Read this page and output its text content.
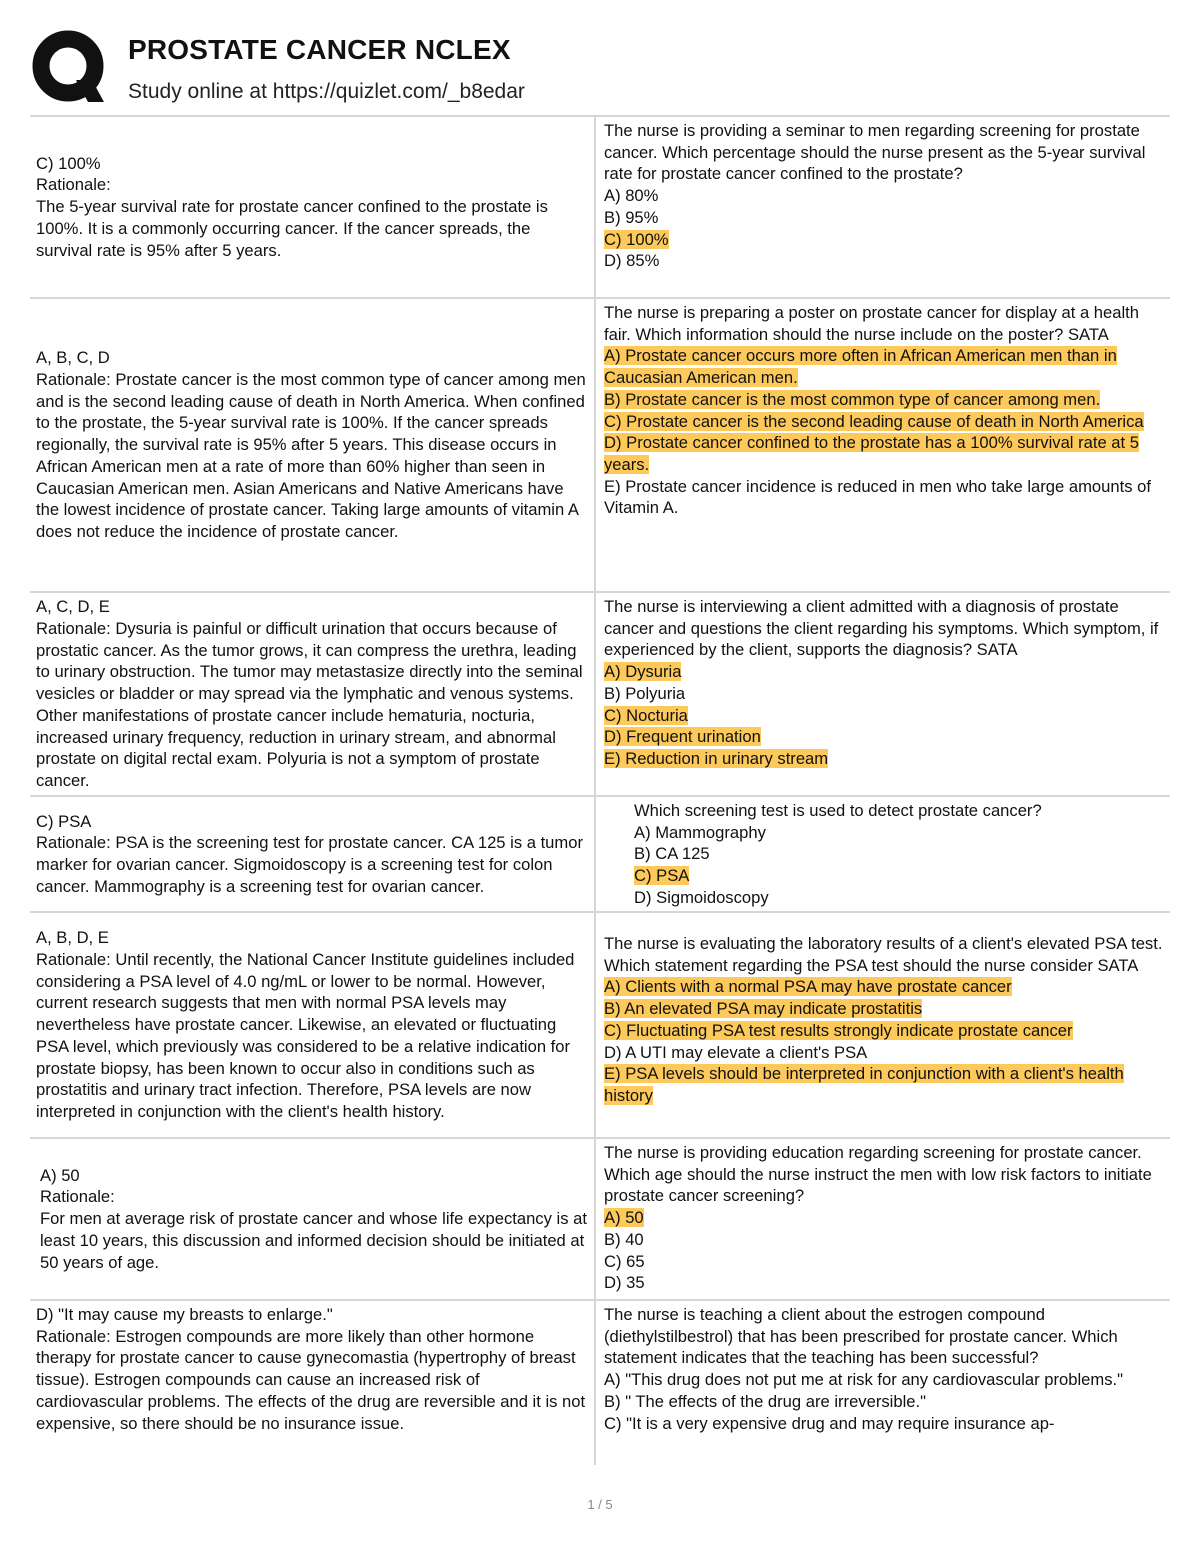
PROSTATE CANCER NCLEX
Study online at https://quizlet.com/_b8edar
C) 100%
Rationale:
The 5-year survival rate for prostate cancer confined to the prostate is 100%. It is a commonly occurring cancer. If the cancer spreads, the survival rate is 95% after 5 years.
The nurse is providing a seminar to men regarding screening for prostate cancer. Which percentage should the nurse present as the 5-year survival rate for prostate cancer confined to the prostate?
A) 80%
B) 95%
C) 100%
D) 85%
A, B, C, D
Rationale: Prostate cancer is the most common type of cancer among men and is the second leading cause of death in North America. When confined to the prostate, the 5-year survival rate is 100%. If the cancer spreads regionally, the survival rate is 95% after 5 years. This disease occurs in African American men at a rate of more than 60% higher than seen in Caucasian American men. Asian Americans and Native Americans have the lowest incidence of prostate cancer. Taking large amounts of vitamin A does not reduce the incidence of prostate cancer.
The nurse is preparing a poster on prostate cancer for display at a health fair. Which information should the nurse include on the poster? SATA
A) Prostate cancer occurs more often in African American men than in Caucasian American men.
B) Prostate cancer is the most common type of cancer among men.
C) Prostate cancer is the second leading cause of death in North America
D) Prostate cancer confined to the prostate has a 100% survival rate at 5 years.
E) Prostate cancer incidence is reduced in men who take large amounts of Vitamin A.
A, C, D, E
Rationale: Dysuria is painful or difficult urination that occurs because of prostatic cancer. As the tumor grows, it can compress the urethra, leading to urinary obstruction. The tumor may metastasize directly into the seminal vesicles or bladder or may spread via the lymphatic and venous systems. Other manifestations of prostate cancer include hematuria, nocturia, increased urinary frequency, reduction in urinary stream, and abnormal prostate on digital rectal exam. Polyuria is not a symptom of prostate cancer.
The nurse is interviewing a client admitted with a diagnosis of prostate cancer and questions the client regarding his symptoms. Which symptom, if experienced by the client, supports the diagnosis? SATA
A) Dysuria
B) Polyuria
C) Nocturia
D) Frequent urination
E) Reduction in urinary stream
C) PSA
Rationale: PSA is the screening test for prostate cancer. CA 125 is a tumor marker for ovarian cancer. Sigmoidoscopy is a screening test for colon cancer. Mammography is a screening test for ovarian cancer.
Which screening test is used to detect prostate cancer?
A) Mammography
B) CA 125
C) PSA
D) Sigmoidoscopy
A, B, D, E
Rationale: Until recently, the National Cancer Institute guidelines included considering a PSA level of 4.0 ng/mL or lower to be normal. However, current research suggests that men with normal PSA levels may nevertheless have prostate cancer. Likewise, an elevated or fluctuating PSA level, which previously was considered to be a relative indication for prostate biopsy, has been known to occur also in conditions such as prostatitis and urinary tract infection. Therefore, PSA levels are now interpreted in conjunction with the client's health history.
The nurse is evaluating the laboratory results of a client's elevated PSA test. Which statement regarding the PSA test should the nurse consider SATA
A) Clients with a normal PSA may have prostate cancer
B) An elevated PSA may indicate prostatitis
C) Fluctuating PSA test results strongly indicate prostate cancer
D) A UTI may elevate a client's PSA
E) PSA levels should be interpreted in conjunction with a client's health history
A) 50
Rationale:
For men at average risk of prostate cancer and whose life expectancy is at least 10 years, this discussion and informed decision should be initiated at 50 years of age.
The nurse is providing education regarding screening for prostate cancer. Which age should the nurse instruct the men with low risk factors to initiate prostate cancer screening?
A) 50
B) 40
C) 65
D) 35
D) "It may cause my breasts to enlarge."
Rationale: Estrogen compounds are more likely than other hormone therapy for prostate cancer to cause gynecomastia (hypertrophy of breast tissue). Estrogen compounds can cause an increased risk of cardiovascular problems. The effects of the drug are reversible and it is not expensive, so there should be no insurance issue.
The nurse is teaching a client about the estrogen compound (diethylstilbestrol) that has been prescribed for prostate cancer. Which statement indicates that the teaching has been successful?
A) "This drug does not put me at risk for any cardiovascular problems."
B) " The effects of the drug are irreversible."
C) "It is a very expensive drug and may require insurance ap-
1 / 5
